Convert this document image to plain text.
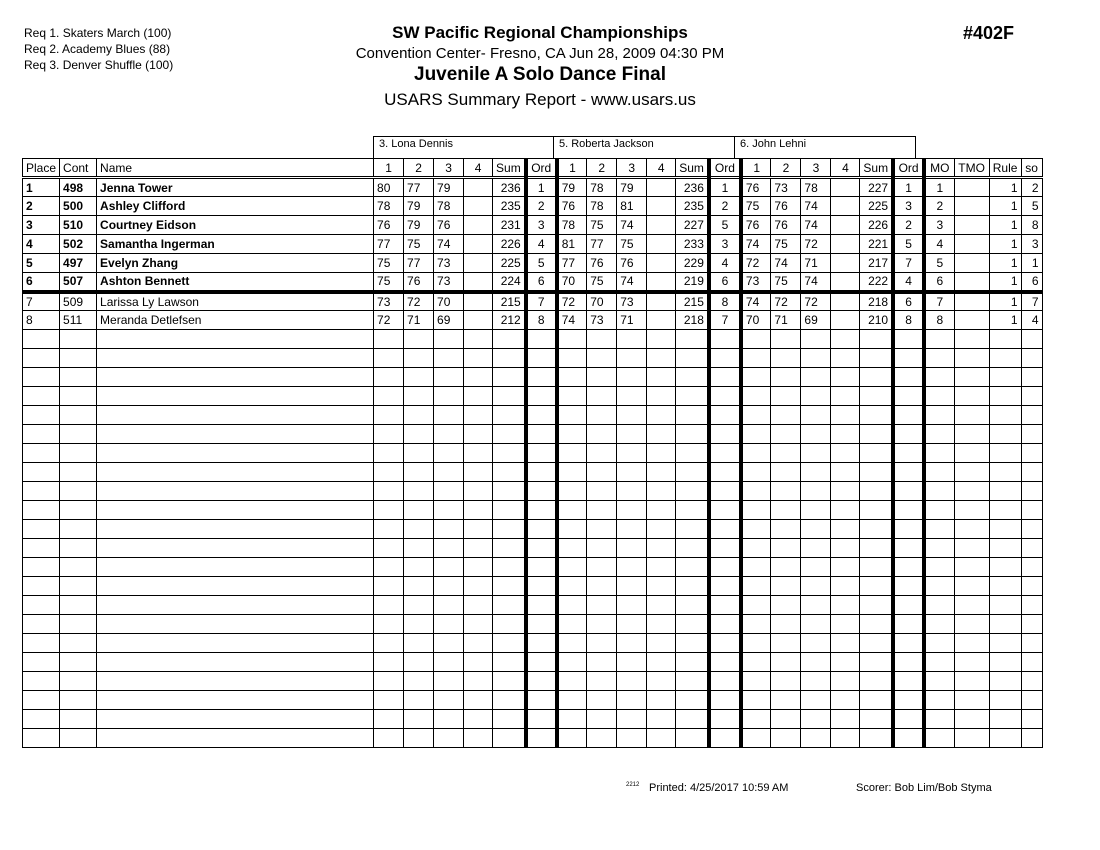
Req 1. Skaters March (100)
Req 2. Academy Blues (88)
Req 3. Denver Shuffle (100)
SW Pacific Regional Championships
Convention Center- Fresno, CA Jun 28, 2009 04:30 PM
Juvenile A Solo Dance Final
USARS Summary Report - www.usars.us
#402F
3. Lona Dennis	5. Roberta Jackson	6. John Lehni
Place	Cont	Name	1	2	3	4	Sum	Ord	1	2	3	4	Sum	Ord	1	2	3	4	Sum	Ord	MO	TMO	Rule	so
1	498	Jenna Tower	80	77	79		236	1	79	78	79		236	1	76	73	78		227	1	1		1	2
2	500	Ashley Clifford	78	79	78		235	2	76	78	81		235	2	75	76	74		225	3	2		1	5
3	510	Courtney Eidson	76	79	76		231	3	78	75	74		227	5	76	76	74		226	2	3		1	8
4	502	Samantha Ingerman	77	75	74		226	4	81	77	75		233	3	74	75	72		221	5	4		1	3
5	497	Evelyn Zhang	75	77	73		225	5	77	76	76		229	4	72	74	71		217	7	5		1	1
6	507	Ashton Bennett	75	76	73		224	6	70	75	74		219	6	73	75	74		222	4	6		1	6
7	509	Larissa Ly Lawson	73	72	70		215	7	72	70	73		215	8	74	72	72		218	6	7		1	7
8	511	Meranda Detlefsen	72	71	69		212	8	74	73	71		218	7	70	71	69		210	8	8		1	4

2212 Printed: 4/25/2017 10:59 AM	Scorer: Bob Lim/Bob Styma
